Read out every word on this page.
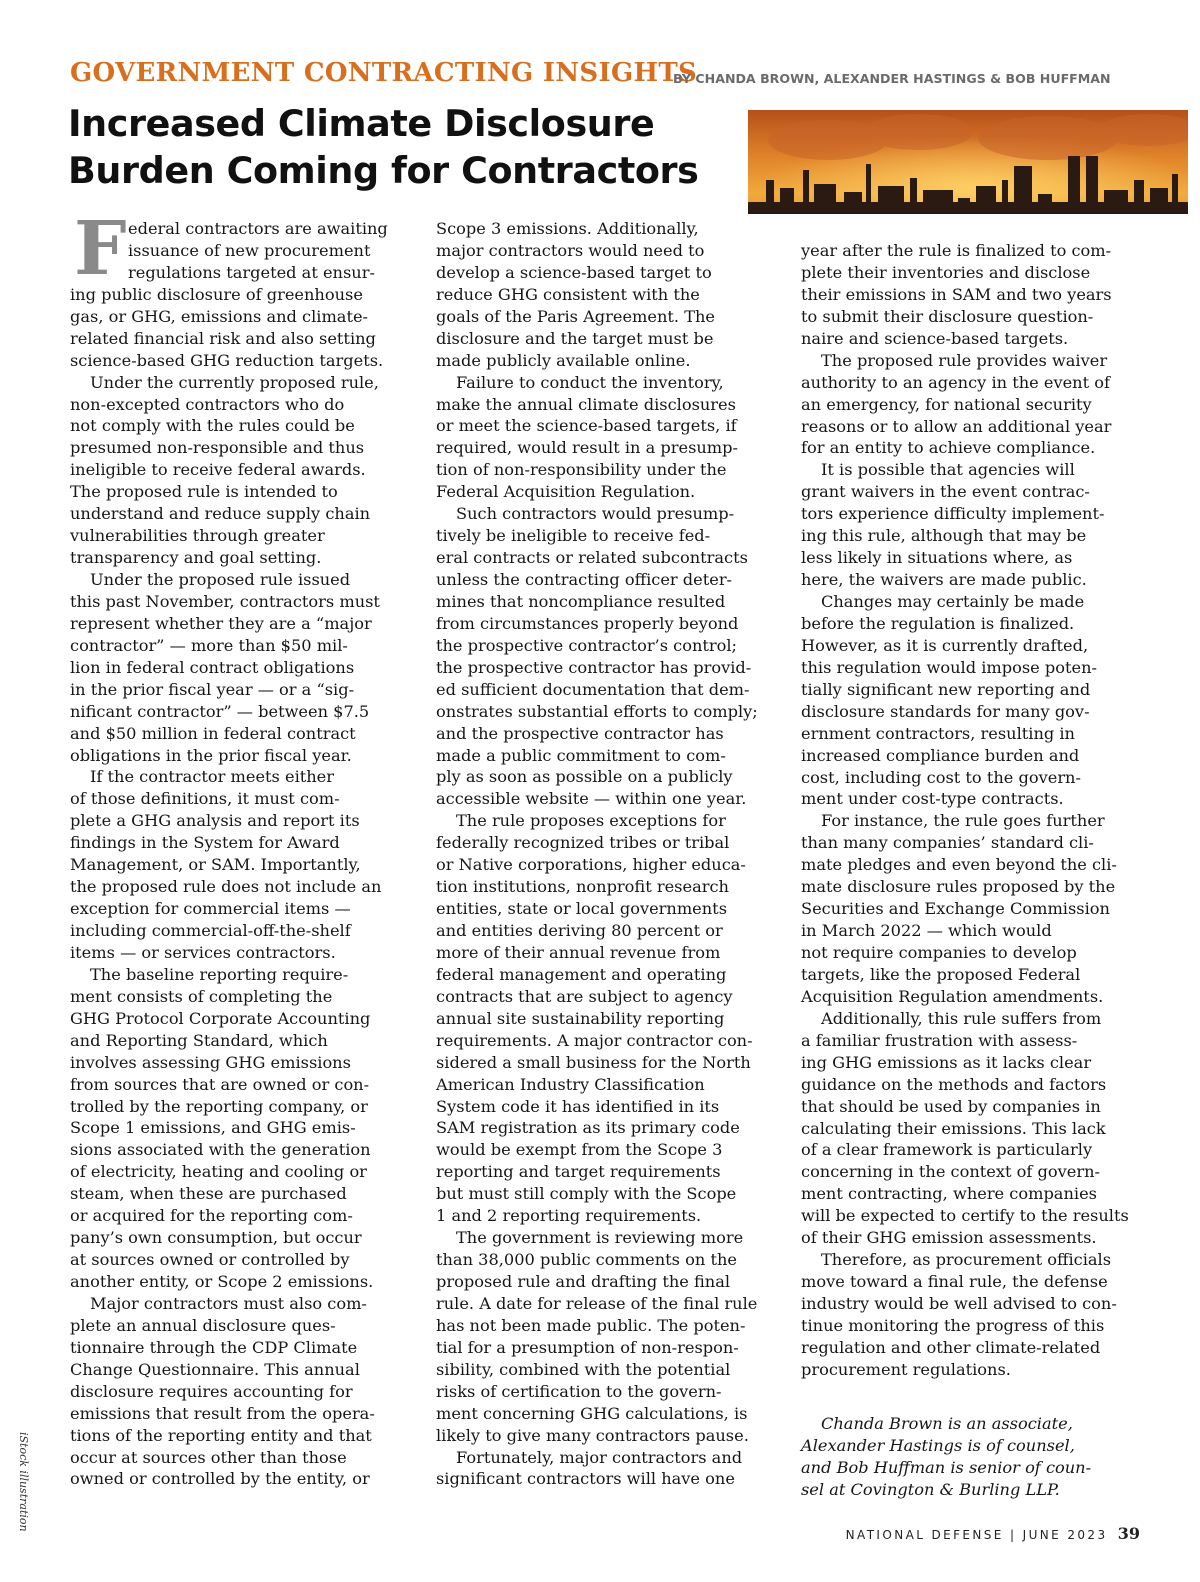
GOVERNMENT CONTRACTING INSIGHTS
BY CHANDA BROWN, ALEXANDER HASTINGS & BOB HUFFMAN
Increased Climate Disclosure
Burden Coming for Contractors
iStock illustration
F ederal contractors are awaiting
issuance of new procurement
regulations targeted at ensur-
ing public disclosure of greenhouse
gas, or GHG, emissions and climate-
related financial risk and also setting
science-based GHG reduction targets.
Under the currently proposed rule,
non-excepted contractors who do
not comply with the rules could be
presumed non-responsible and thus
ineligible to receive federal awards.
The proposed rule is intended to
understand and reduce supply chain
vulnerabilities through greater
transparency and goal setting.
Under the proposed rule issued
this past November, contractors must
represent whether they are a “major
contractor” — more than $50 mil-
lion in federal contract obligations
in the prior fiscal year — or a “sig-
nificant contractor” — between $7.5
and $50 million in federal contract
obligations in the prior fiscal year.
If the contractor meets either
of those definitions, it must com-
plete a GHG analysis and report its
findings in the System for Award
Management, or SAM. Importantly,
the proposed rule does not include an
exception for commercial items —
including commercial-off-the-shelf
items — or services contractors.
The baseline reporting require-
ment consists of completing the
GHG Protocol Corporate Accounting
and Reporting Standard, which
involves assessing GHG emissions
from sources that are owned or con-
trolled by the reporting company, or
Scope 1 emissions, and GHG emis-
sions associated with the generation
of electricity, heating and cooling or
steam, when these are purchased
or acquired for the reporting com-
pany’s own consumption, but occur
at sources owned or controlled by
another entity, or Scope 2 emissions.
Major contractors must also com-
plete an annual disclosure ques-
tionnaire through the CDP Climate
Change Questionnaire. This annual
disclosure requires accounting for
emissions that result from the opera-
tions of the reporting entity and that
occur at sources other than those
owned or controlled by the entity, or
Scope 3 emissions. Additionally,
major contractors would need to
develop a science-based target to
reduce GHG consistent with the
goals of the Paris Agreement. The
disclosure and the target must be
made publicly available online.
Failure to conduct the inventory,
make the annual climate disclosures
or meet the science-based targets, if
required, would result in a presump-
tion of non-responsibility under the
Federal Acquisition Regulation.
Such contractors would presump-
tively be ineligible to receive fed-
eral contracts or related subcontracts
unless the contracting officer deter-
mines that noncompliance resulted
from circumstances properly beyond
the prospective contractor’s control;
the prospective contractor has provid-
ed sufficient documentation that dem-
onstrates substantial efforts to comply;
and the prospective contractor has
made a public commitment to com-
ply as soon as possible on a publicly
accessible website — within one year.
The rule proposes exceptions for
federally recognized tribes or tribal
or Native corporations, higher educa-
tion institutions, nonprofit research
entities, state or local governments
and entities deriving 80 percent or
more of their annual revenue from
federal management and operating
contracts that are subject to agency
annual site sustainability reporting
requirements. A major contractor con-
sidered a small business for the North
American Industry Classification
System code it has identified in its
SAM registration as its primary code
would be exempt from the Scope 3
reporting and target requirements
but must still comply with the Scope
1 and 2 reporting requirements.
The government is reviewing more
than 38,000 public comments on the
proposed rule and drafting the final
rule. A date for release of the final rule
has not been made public. The poten-
tial for a presumption of non-respon-
sibility, combined with the potential
risks of certification to the govern-
ment concerning GHG calculations, is
likely to give many contractors pause.
Fortunately, major contractors and
significant contractors will have one
year after the rule is finalized to com-
plete their inventories and disclose
their emissions in SAM and two years
to submit their disclosure question-
naire and science-based targets.
The proposed rule provides waiver
authority to an agency in the event of
an emergency, for national security
reasons or to allow an additional year
for an entity to achieve compliance.
It is possible that agencies will
grant waivers in the event contrac-
tors experience difficulty implement-
ing this rule, although that may be
less likely in situations where, as
here, the waivers are made public.
Changes may certainly be made
before the regulation is finalized.
However, as it is currently drafted,
this regulation would impose poten-
tially significant new reporting and
disclosure standards for many gov-
ernment contractors, resulting in
increased compliance burden and
cost, including cost to the govern-
ment under cost-type contracts.
For instance, the rule goes further
than many companies’ standard cli-
mate pledges and even beyond the cli-
mate disclosure rules proposed by the
Securities and Exchange Commission
in March 2022 — which would
not require companies to develop
targets, like the proposed Federal
Acquisition Regulation amendments.
Additionally, this rule suffers from
a familiar frustration with assess-
ing GHG emissions as it lacks clear
guidance on the methods and factors
that should be used by companies in
calculating their emissions. This lack
of a clear framework is particularly
concerning in the context of govern-
ment contracting, where companies
will be expected to certify to the results
of their GHG emission assessments.
Therefore, as procurement officials
move toward a final rule, the defense
industry would be well advised to con-
tinue monitoring the progress of this
regulation and other climate-related
procurement regulations.
Chanda Brown is an associate,
Alexander Hastings is of counsel,
and Bob Huffman is senior of coun-
sel at Covington & Burling LLP.
NATIONAL DEFENSE | JUNE 2023 39
